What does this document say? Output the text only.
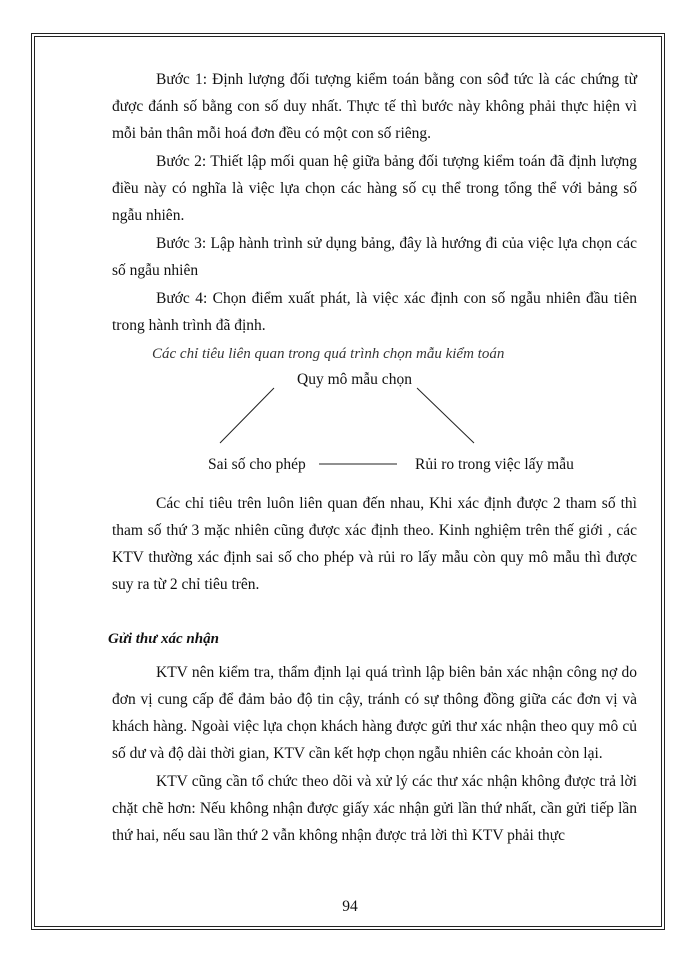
Bước 1: Định lượng đối tượng kiểm toán bằng con sôđ tức là các chứng từ được đánh số bằng con số duy nhất. Thực tế thì bước này không phải thực hiện vì mỗi bản thân mỗi hoá đơn đều có một con số riêng.

Bước 2: Thiết lập mối quan hệ giữa bảng đối tượng kiểm toán đã định lượng điều này có nghĩa là việc lựa chọn các hàng số cụ thể trong tổng thể với bảng số ngẫu nhiên.

Bước 3: Lập hành trình sử dụng bảng, đây là hướng đi của việc lựa chọn các số ngẫu nhiên

Bước 4: Chọn điểm xuất phát, là việc xác định con số ngẫu nhiên đầu tiên trong hành trình đã định.

Các chỉ tiêu liên quan trong quá trình chọn mẫu kiểm toán
Quy mô mẫu chọn
Sai số cho phép	Rủi ro trong việc lấy mẫu

Các chỉ tiêu trên luôn liên quan đến nhau, Khi xác định được 2 tham số thì tham số thứ 3 mặc nhiên cũng được xác định theo. Kinh nghiệm trên thế giới , các KTV thường xác định sai số cho phép và rủi ro lấy mẫu còn quy mô mẫu thì được suy ra từ 2 chỉ tiêu trên.

Gửi thư xác nhận

KTV nên kiểm tra, thẩm định lại quá trình lập biên bản xác nhận công nợ do đơn vị cung cấp để đảm bảo độ tin cậy, tránh có sự thông đồng giữa các đơn vị và khách hàng. Ngoài việc lựa chọn khách hàng được gửi thư xác nhận theo quy mô củ số dư và độ dài thời gian, KTV cần kết hợp chọn ngẫu nhiên các khoản còn lại.

KTV cũng cần tổ chức theo dõi và xử lý các thư xác nhận không được trả lời chặt chẽ hơn: Nếu không nhận được giấy xác nhận gửi lần thứ nhất, cần gửi tiếp lần thứ hai, nếu sau lần thứ 2 vẫn không nhận được trả lời thì KTV phải thực

94
